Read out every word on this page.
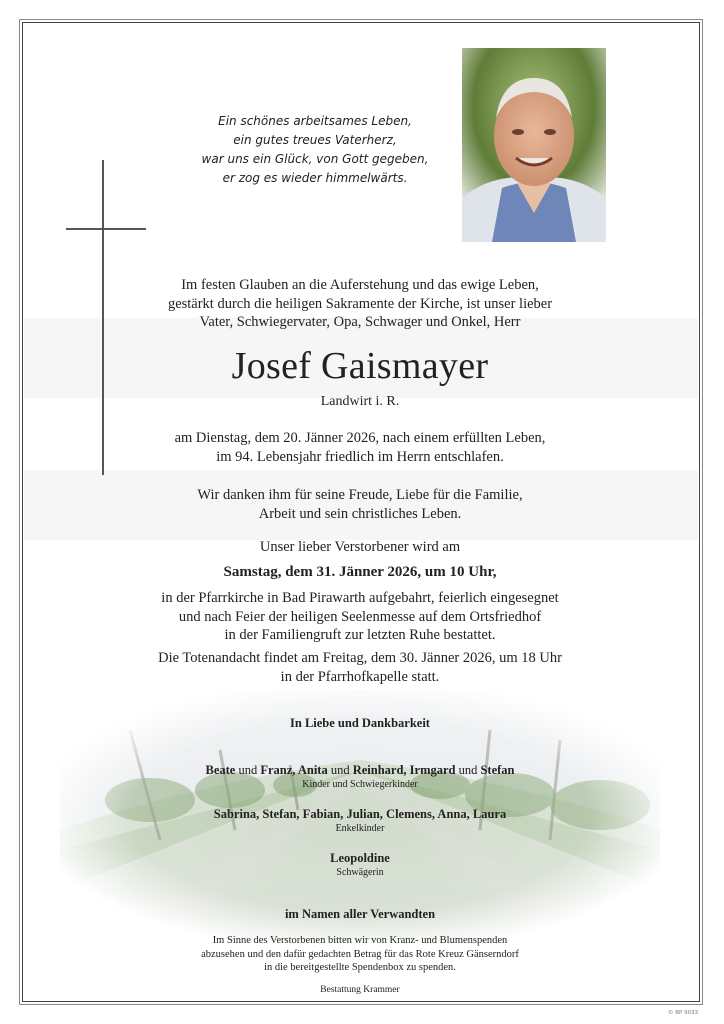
Ein schönes arbeitsames Leben,
ein gutes treues Vaterherz,
war uns ein Glück, von Gott gegeben,
er zog es wieder himmelwärts.
Im festen Glauben an die Auferstehung und das ewige Leben,
gestärkt durch die heiligen Sakramente der Kirche, ist unser lieber
Vater, Schwiegervater, Opa, Schwager und Onkel, Herr
Josef Gaismayer
Landwirt i. R.
am Dienstag, dem 20. Jänner 2026, nach einem erfüllten Leben,
im 94. Lebensjahr friedlich im Herrn entschlafen.
Wir danken ihm für seine Freude, Liebe für die Familie,
Arbeit und sein christliches Leben.
Unser lieber Verstorbener wird am
Samstag, dem 31. Jänner 2026, um 10 Uhr,
in der Pfarrkirche in Bad Pirawarth aufgebahrt, feierlich eingesegnet
und nach Feier der heiligen Seelenmesse auf dem Ortsfriedhof
in der Familiengruft zur letzten Ruhe bestattet.
Die Totenandacht findet am Freitag, dem 30. Jänner 2026, um 18 Uhr
in der Pfarrhofkapelle statt.
In Liebe und Dankbarkeit
Beate und Franz, Anita und Reinhard, Irmgard und Stefan
Kinder und Schwiegerkinder
Sabrina, Stefan, Fabian, Julian, Clemens, Anna, Laura
Enkelkinder
Leopoldine
Schwägerin
im Namen aller Verwandten
Im Sinne des Verstorbenen bitten wir von Kranz- und Blumenspenden
abzusehen und den dafür gedachten Betrag für das Rote Kreuz Gänserndorf
in die bereitgestellte Spendenbox zu spenden.
Bestattung Krammer
© BP 9033
